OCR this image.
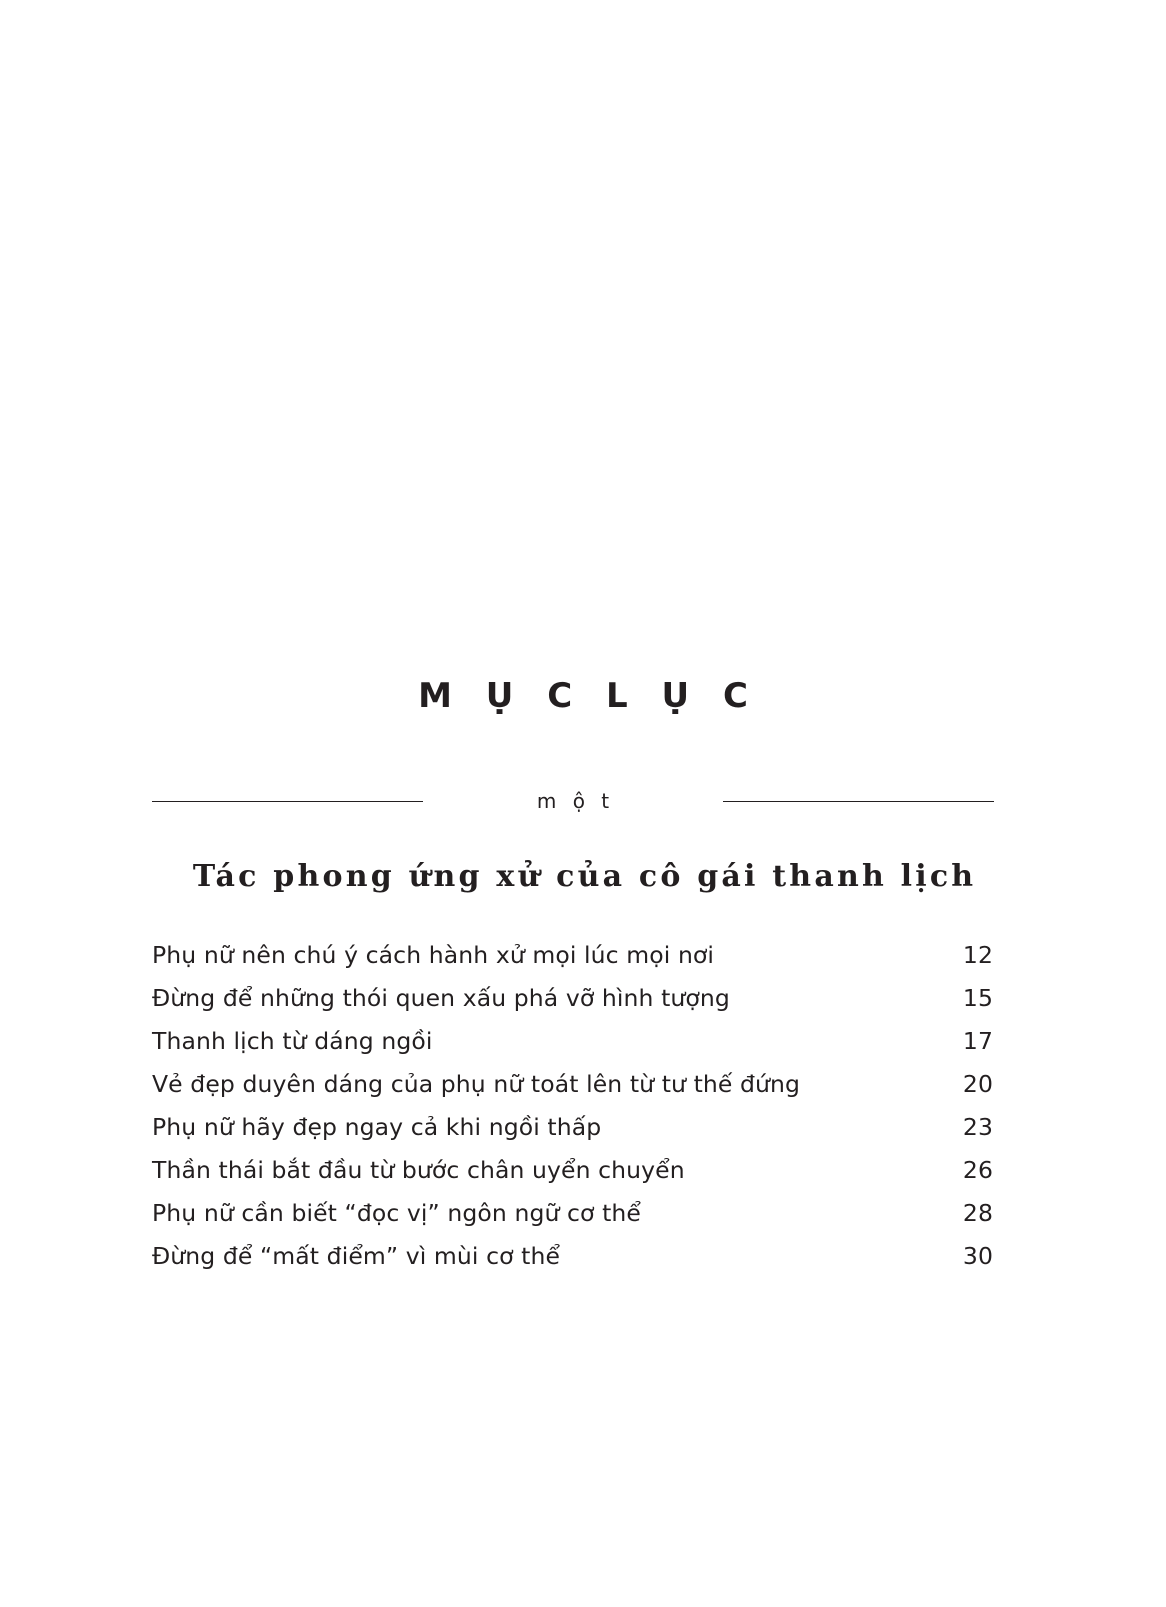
M Ụ C L Ụ C
m ộ t
Tác phong ứng xử của cô gái thanh lịch
Phụ nữ nên chú ý cách hành xử mọi lúc mọi nơi	12
Đừng để những thói quen xấu phá vỡ hình tượng	15
Thanh lịch từ dáng ngồi	17
Vẻ đẹp duyên dáng của phụ nữ toát lên từ tư thế đứng	20
Phụ nữ hãy đẹp ngay cả khi ngồi thấp	23
Thần thái bắt đầu từ bước chân uyển chuyển	26
Phụ nữ cần biết “đọc vị” ngôn ngữ cơ thể	28
Đừng để “mất điểm” vì mùi cơ thể	30
